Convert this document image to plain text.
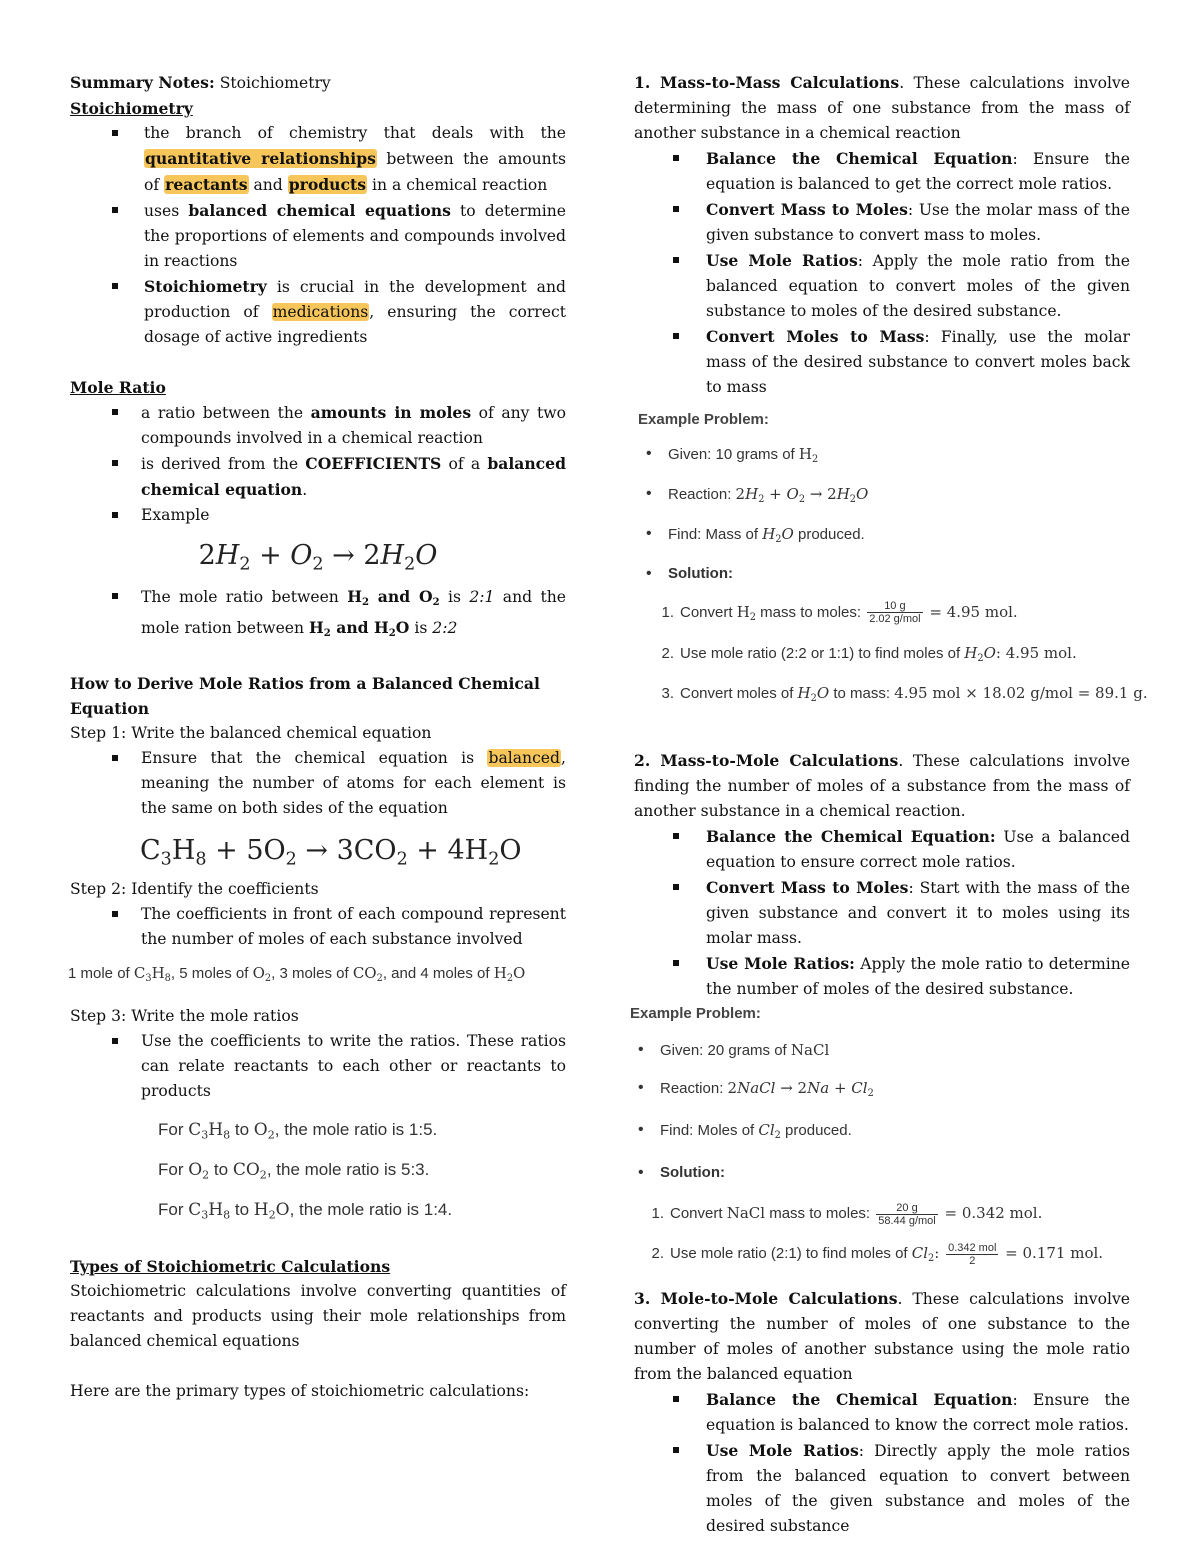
Summary Notes: Stoichiometry

Stoichiometry

the branch of chemistry that deals with the quantitative relationships between the amounts of reactants and products in a chemical reaction
uses balanced chemical equations to determine the proportions of elements and compounds involved in reactions
Stoichiometry is crucial in the development and production of medications, ensuring the correct dosage of active ingredients

Mole Ratio

a ratio between the amounts in moles of any two compounds involved in a chemical reaction
is derived from the COEFFICIENTS of a balanced chemical equation.
Example
$2H_2 + O_2 \to 2H_2O$
The mole ratio between $H_2$ and $O_2$ is 2:1 and the mole ration between $H_2$ and $H_2O$ is 2:2

How to Derive Mole Ratios from a Balanced Chemical Equation

Step 1: Write the balanced chemical equation

Ensure that the chemical equation is balanced, meaning the number of atoms for each element is the same on both sides of the equation
$C_3H_8 + 5O_2 \to 3CO_2 + 4H_2O$

Step 2: Identify the coefficients

The coefficients in front of each compound represent the number of moles of each substance involved

1 mole of $C_3H_8$, 5 moles of $O_2$, 3 moles of $CO_2$, and 4 moles of $H_2O$

Step 3: Write the mole ratios

Use the coefficients to write the ratios. These ratios can relate reactants to each other or reactants to products
For $C_3H_8$ to $O_2$, the mole ratio is 1:5.
For $O_2$ to $CO_2$, the mole ratio is 5:3.
For $C_3H_8$ to $H_2O$, the mole ratio is 1:4.

Types of Stoichiometric Calculations

Stoichiometric calculations involve converting quantities of reactants and products using their mole relationships from balanced chemical equations

Here are the primary types of stoichiometric calculations:

1. Mass-to-Mass Calculations. These calculations involve determining the mass of one substance from the mass of another substance in a chemical reaction

Balance the Chemical Equation: Ensure the equation is balanced to get the correct mole ratios.
Convert Mass to Moles: Use the molar mass of the given substance to convert mass to moles.
Use Mole Ratios: Apply the mole ratio from the balanced equation to convert moles of the given substance to moles of the desired substance.
Convert Moles to Mass: Finally, use the molar mass of the desired substance to convert moles back to mass
Example Problem:
• Given: 10 grams of $H_2$
• Reaction: $2H_2 + O_2 \to 2H_2O$
• Find: Mass of $H_2O$ produced.
• Solution:
1. Convert $H_2$ mass to moles: $\frac{10 g}{\text{2.02 g/mol}} = 4.95$ mol.
2. Use mole ratio (2:2 or 1:1) to find moles of $H_2O$: 4.95 mol.
3. Convert moles of $H_2O$ to mass: 4.95 mol × 18.02 g/mol = 89.1 g.

2. Mass-to-Mole Calculations. These calculations involve finding the number of moles of a substance from the mass of another substance in a chemical reaction.

Balance the Chemical Equation: Use a balanced equation to ensure correct mole ratios.
Convert Mass to Moles: Start with the mass of the given substance and convert it to moles using its molar mass.
Use Mole Ratios: Apply the mole ratio to determine the number of moles of the desired substance.
Example Problem:
• Given: 20 grams of NaCl
• Reaction: 2NaCl → $2Na + Cl_2$
• Find: Moles of $Cl_2$ produced.
• Solution:
1. Convert NaCl mass to moles: $\frac{20 g}{\text{58.44 g/mol}} = 0.342$ mol.
2. Use mole ratio (2:1) to find moles of $Cl_2$: $\frac{\text{0.342 mol}}{2} = 0.171$ mol.

3. Mole-to-Mole Calculations. These calculations involve converting the number of moles of one substance to the number of moles of another substance using the mole ratio from the balanced equation

Balance the Chemical Equation: Ensure the equation is balanced to know the correct mole ratios.
Use Mole Ratios: Directly apply the mole ratios from the balanced equation to convert between moles of the given substance and moles of the desired substance
